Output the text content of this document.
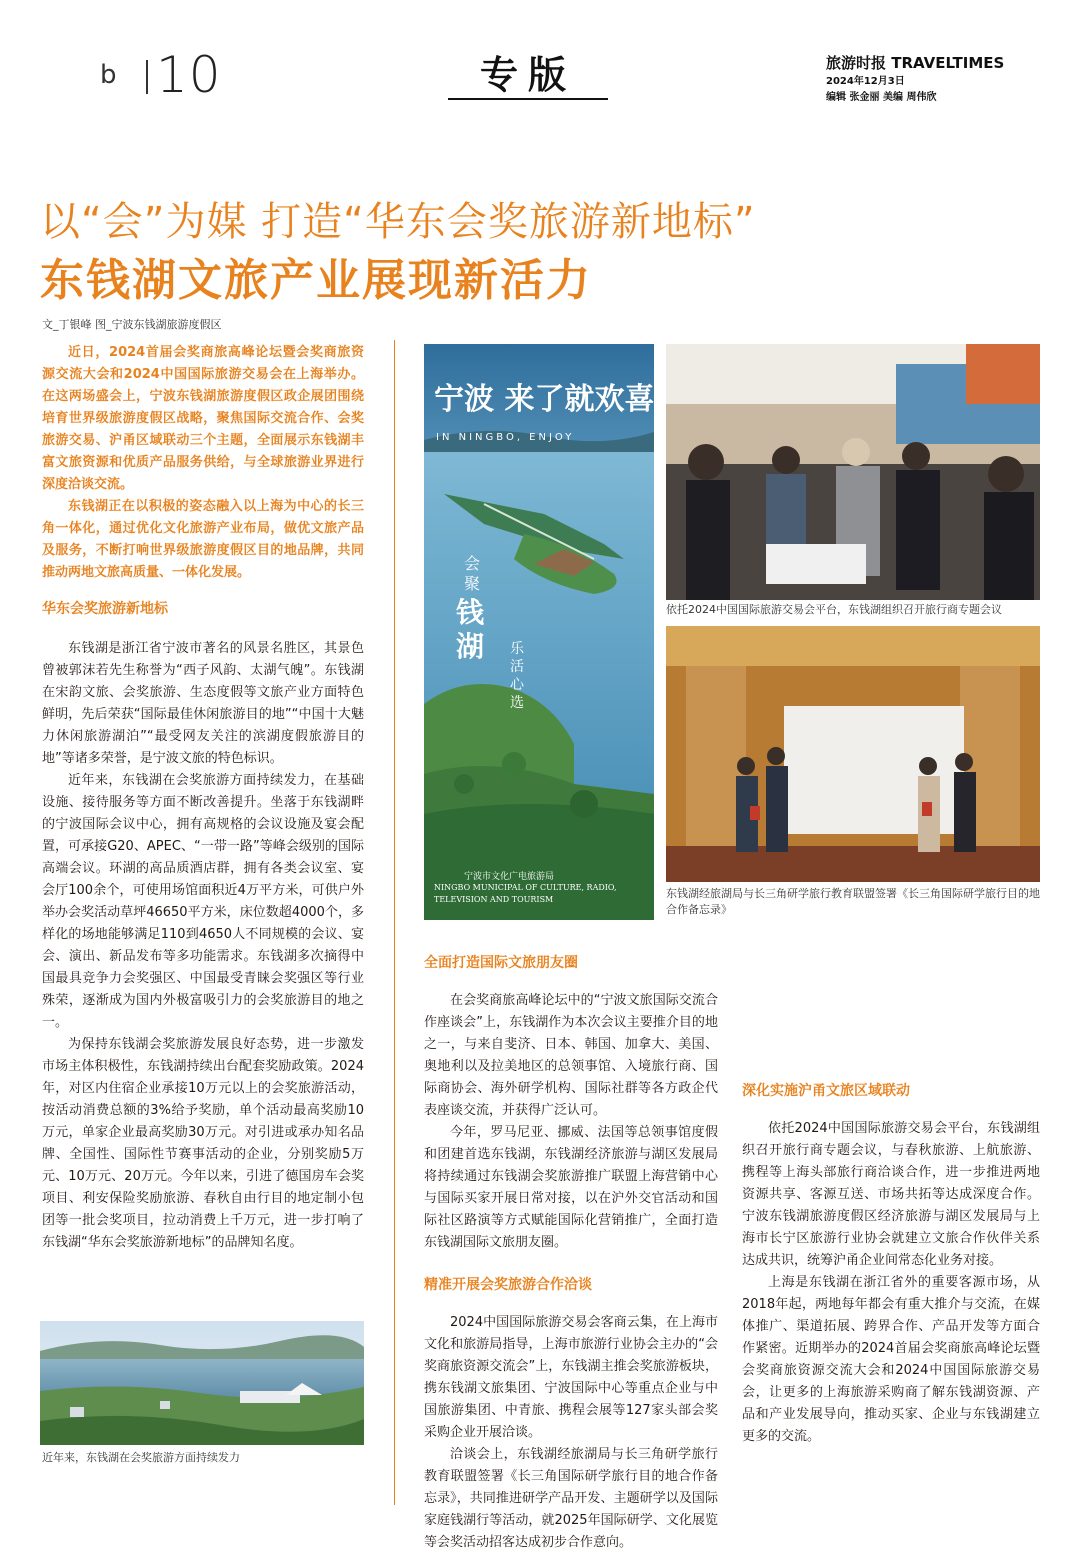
b 10	专版	旅游时报 TRAVELTIMES
2024年12月3日
编辑 张金丽 美编 周伟欣
以“会”为媒 打造“华东会奖旅游新地标”
东钱湖文旅产业展现新活力
文_丁银峰 图_宁波东钱湖旅游度假区

近日，2024首届会奖商旅高峰论坛暨会奖商旅资源交流大会和2024中国国际旅游交易会在上海举办。在这两场盛会上，宁波东钱湖旅游度假区政企展团围绕培育世界级旅游度假区战略，聚焦国际交流合作、会奖旅游交易、沪甬区域联动三个主题，全面展示东钱湖丰富文旅资源和优质产品服务供给，与全球旅游业界进行深度洽谈交流。

东钱湖正在以积极的姿态融入以上海为中心的长三角一体化，通过优化文化旅游产业布局，做优文旅产品及服务，不断打响世界级旅游度假区目的地品牌，共同推动两地文旅高质量、一体化发展。

华东会奖旅游新地标

东钱湖是浙江省宁波市著名的风景名胜区，其景色曾被郭沫若先生称誉为“西子风韵、太湖气魄”。东钱湖在宋韵文旅、会奖旅游、生态度假等文旅产业方面特色鲜明，先后荣获“国际最佳休闲旅游目的地”“中国十大魅力休闲旅游湖泊”“最受网友关注的滨湖度假旅游目的地”等诸多荣誉，是宁波文旅的特色标识。

近年来，东钱湖在会奖旅游方面持续发力，在基础设施、接待服务等方面不断改善提升。坐落于东钱湖畔的宁波国际会议中心，拥有高规格的会议设施及宴会配置，可承接G20、APEC、“一带一路”等峰会级别的国际高端会议。环湖的高品质酒店群，拥有各类会议室、宴会厅100余个，可使用场馆面积近4万平方米，可供户外举办会奖活动草坪46650平方米，床位数超4000个，多样化的场地能够满足110到4650人不同规模的会议、宴会、演出、新品发布等多功能需求。东钱湖多次摘得中国最具竞争力会奖强区、中国最受青睐会奖强区等行业殊荣，逐渐成为国内外极富吸引力的会奖旅游目的地之一。

为保持东钱湖会奖旅游发展良好态势，进一步激发市场主体积极性，东钱湖持续出台配套奖励政策。2024年，对区内住宿企业承接10万元以上的会奖旅游活动，按活动消费总额的3%给予奖励，单个活动最高奖励10万元，单家企业最高奖励30万元。对引进或承办知名品牌、全国性、国际性节赛事活动的企业，分别奖励5万元、10万元、20万元。今年以来，引进了德国房车会奖项目、利安保险奖励旅游、春秋自由行目的地定制小包团等一批会奖项目，拉动消费上千万元，进一步打响了东钱湖“华东会奖旅游新地标”的品牌知名度。

近年来，东钱湖在会奖旅游方面持续发力
宁波 来了就欢喜
IN NINGBO, ENJOY
会聚
钱湖 乐活心选
宁波市文化广电旅游局
NINGBO MUNICIPAL OF CULTURE, RADIO, TELEVISION AND TOURISM
依托2024中国国际旅游交易会平台，东钱湖组织召开旅行商专题会议
东钱湖经旅湖局与长三角研学旅行教育联盟签署《长三角国际研学旅行目的地合作备忘录》
全面打造国际文旅朋友圈

在会奖商旅高峰论坛中的“宁波文旅国际交流合作座谈会”上，东钱湖作为本次会议主要推介目的地之一，与来自斐济、日本、韩国、加拿大、美国、奥地利以及拉美地区的总领事馆、入境旅行商、国际商协会、海外研学机构、国际社群等各方政企代表座谈交流，并获得广泛认可。

今年，罗马尼亚、挪威、法国等总领事馆度假和团建首选东钱湖，东钱湖经济旅游与湖区发展局将持续通过东钱湖会奖旅游推广联盟上海营销中心与国际买家开展日常对接，以在沪外交官活动和国际社区路演等方式赋能国际化营销推广，全面打造东钱湖国际文旅朋友圈。

精准开展会奖旅游合作洽谈

2024中国国际旅游交易会客商云集，在上海市文化和旅游局指导，上海市旅游行业协会主办的“会奖商旅资源交流会”上，东钱湖主推会奖旅游板块，携东钱湖文旅集团、宁波国际中心等重点企业与中国旅游集团、中青旅、携程会展等127家头部会奖采购企业开展洽谈。

洽谈会上，东钱湖经旅湖局与长三角研学旅行教育联盟签署《长三角国际研学旅行目的地合作备忘录》，共同推进研学产品开发、主题研学以及国际家庭钱湖行等活动，就2025年国际研学、文化展览等会奖活动招客达成初步合作意向。

深化实施沪甬文旅区域联动

依托2024中国国际旅游交易会平台，东钱湖组织召开旅行商专题会议，与春秋旅游、上航旅游、携程等上海头部旅行商洽谈合作，进一步推进两地资源共享、客源互送、市场共拓等达成深度合作。宁波东钱湖旅游度假区经济旅游与湖区发展局与上海市长宁区旅游行业协会就建立文旅合作伙伴关系达成共识，统筹沪甬企业间常态化业务对接。

上海是东钱湖在浙江省外的重要客源市场，从2018年起，两地每年都会有重大推介与交流，在媒体推广、渠道拓展、跨界合作、产品开发等方面合作紧密。近期举办的2024首届会奖商旅高峰论坛暨会奖商旅资源交流大会和2024中国国际旅游交易会，让更多的上海旅游采购商了解东钱湖资源、产品和产业发展导向，推动买家、企业与东钱湖建立更多的交流。
